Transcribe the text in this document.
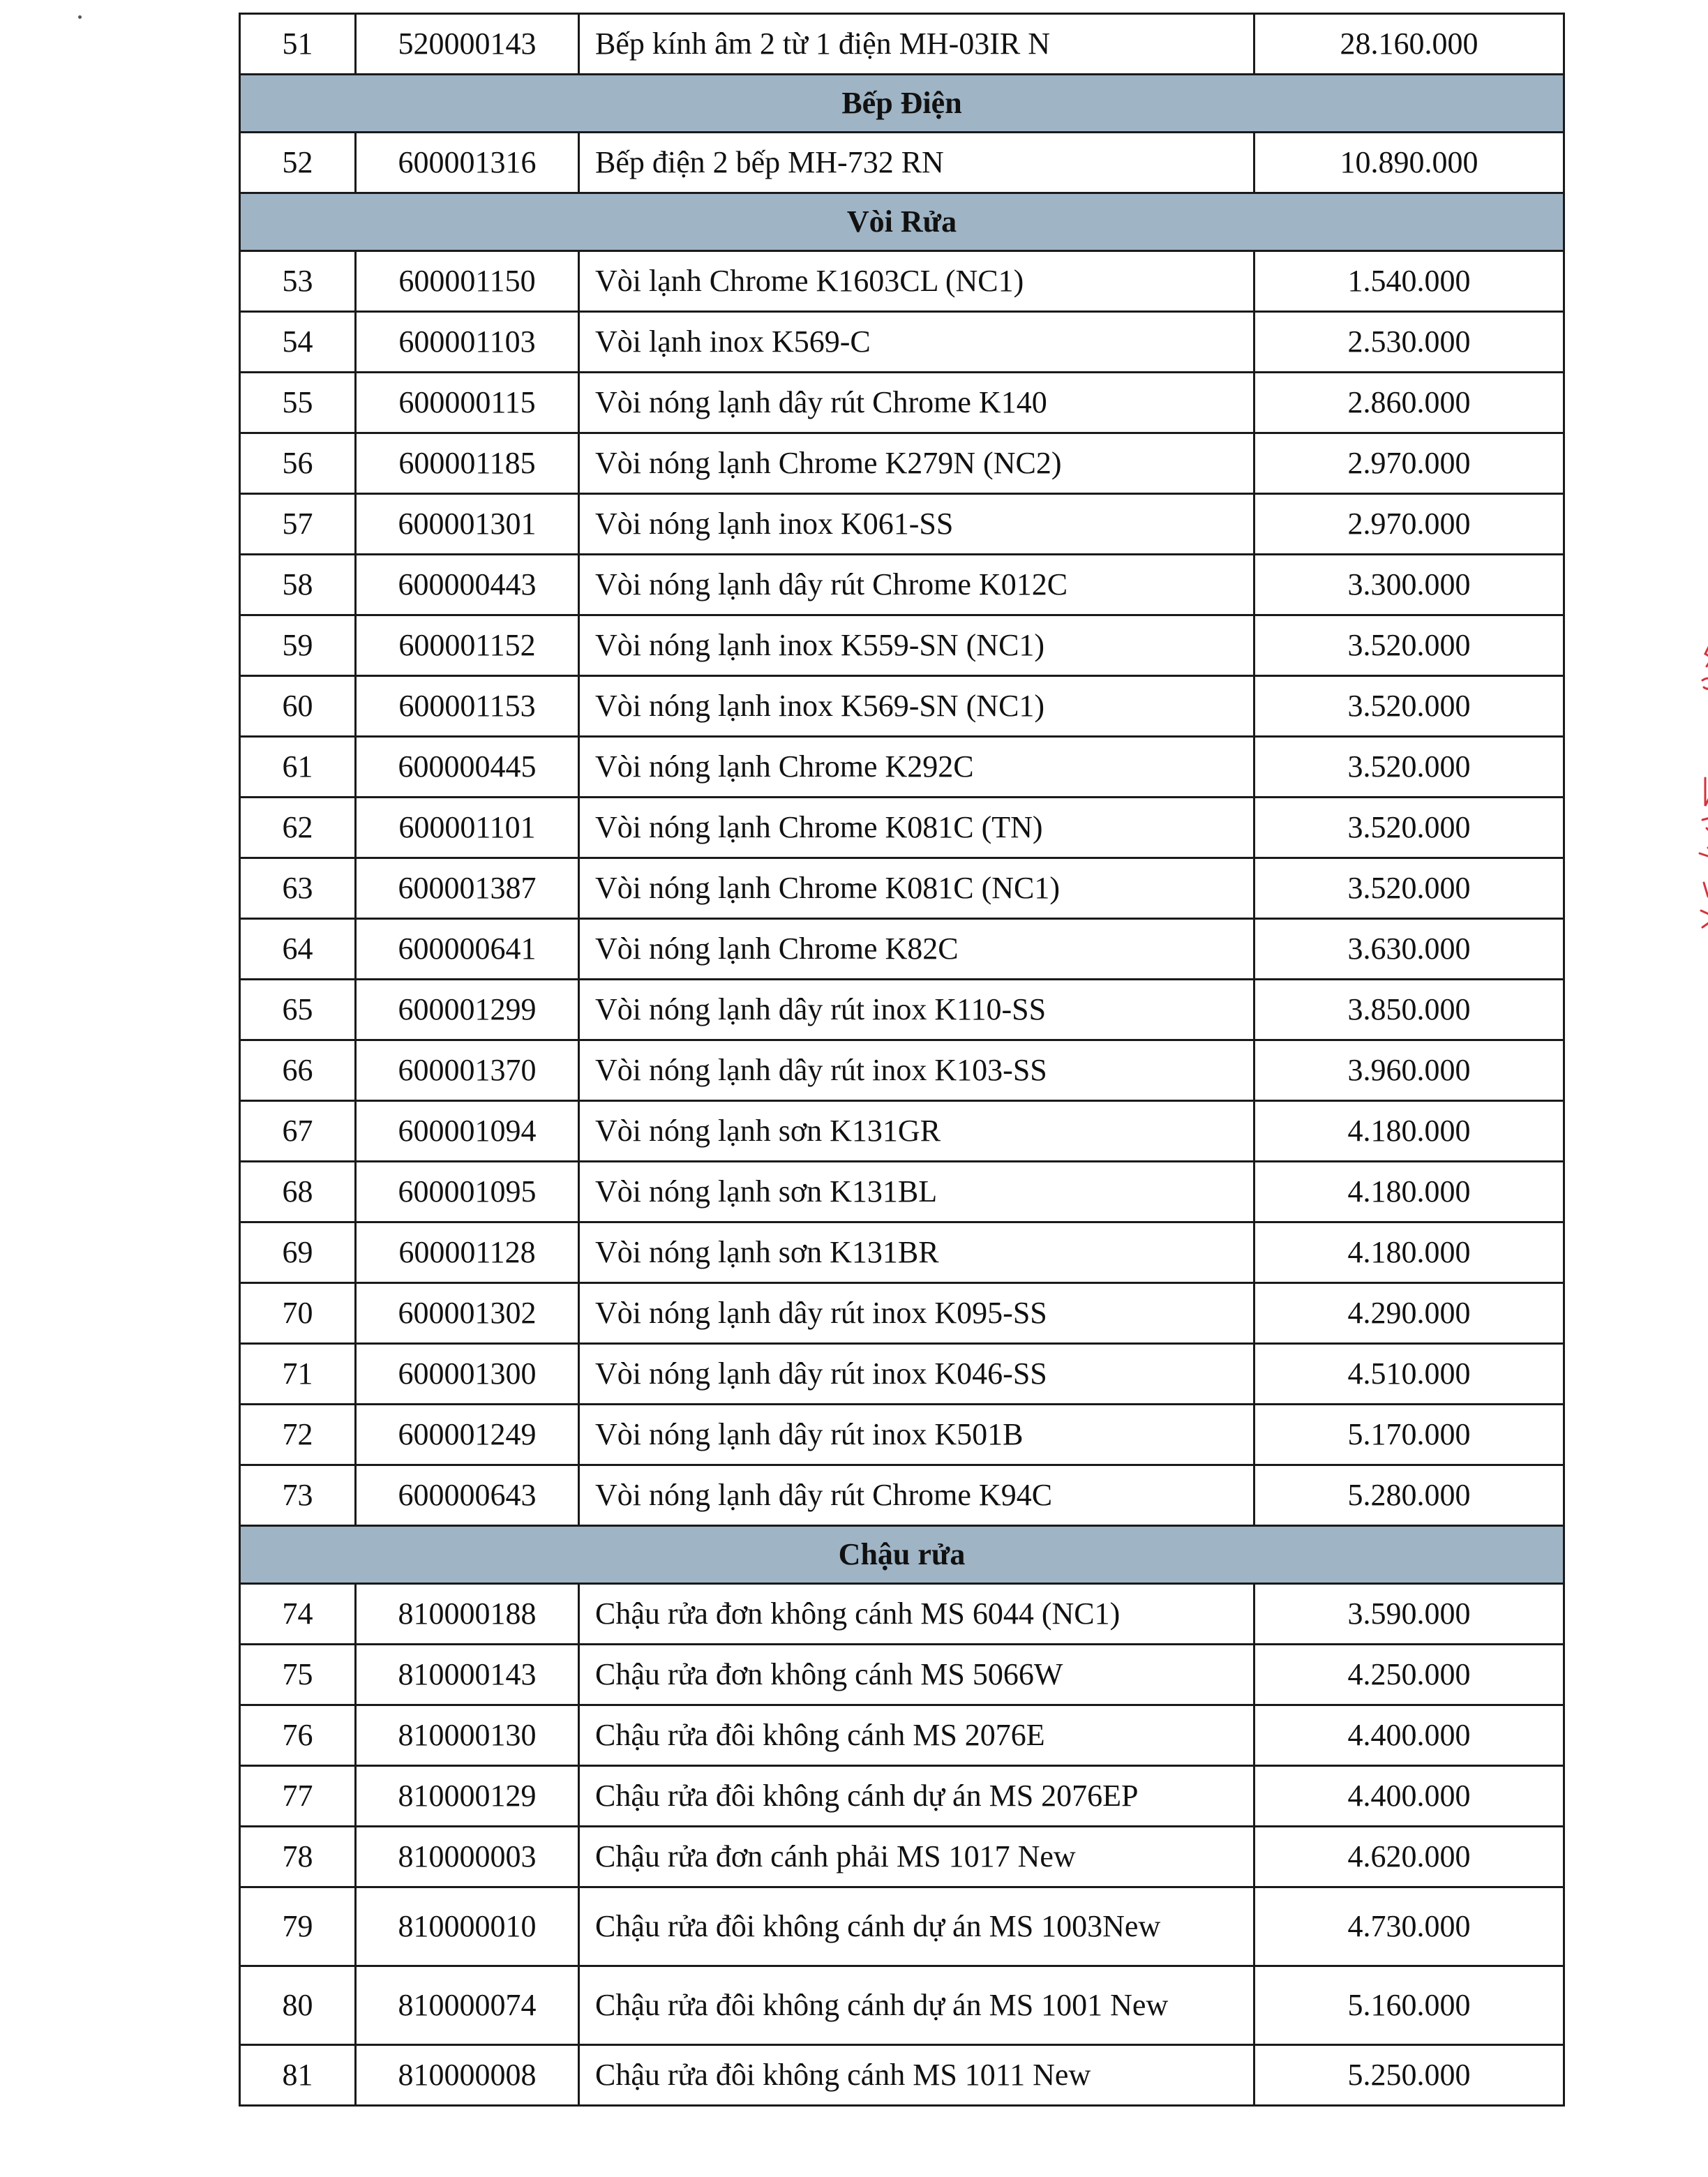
51	520000143	Bếp kính âm 2 từ 1 điện MH-03IR N	28.160.000
Bếp Điện			
52	600001316	Bếp điện 2 bếp MH-732 RN	10.890.000
Vòi Rửa			
53	600001150	Vòi lạnh Chrome K1603CL (NC1)	1.540.000
54	600001103	Vòi lạnh inox K569-C	2.530.000
55	600000115	Vòi nóng lạnh dây rút Chrome K140	2.860.000
56	600001185	Vòi nóng lạnh Chrome K279N (NC2)	2.970.000
57	600001301	Vòi nóng lạnh inox K061-SS	2.970.000
58	600000443	Vòi nóng lạnh dây rút Chrome K012C	3.300.000
59	600001152	Vòi nóng lạnh inox K559-SN (NC1)	3.520.000
60	600001153	Vòi nóng lạnh inox K569-SN (NC1)	3.520.000
61	600000445	Vòi nóng lạnh Chrome K292C	3.520.000
62	600001101	Vòi nóng lạnh Chrome K081C (TN)	3.520.000
63	600001387	Vòi nóng lạnh Chrome K081C (NC1)	3.520.000
64	600000641	Vòi nóng lạnh Chrome K82C	3.630.000
65	600001299	Vòi nóng lạnh dây rút inox K110-SS	3.850.000
66	600001370	Vòi nóng lạnh dây rút inox K103-SS	3.960.000
67	600001094	Vòi nóng lạnh sơn K131GR	4.180.000
68	600001095	Vòi nóng lạnh sơn K131BL	4.180.000
69	600001128	Vòi nóng lạnh sơn K131BR	4.180.000
70	600001302	Vòi nóng lạnh dây rút inox K095-SS	4.290.000
71	600001300	Vòi nóng lạnh dây rút inox K046-SS	4.510.000
72	600001249	Vòi nóng lạnh dây rút inox K501B	5.170.000
73	600000643	Vòi nóng lạnh dây rút Chrome K94C	5.280.000
Chậu rửa			
74	810000188	Chậu rửa đơn không cánh MS 6044 (NC1)	3.590.000
75	810000143	Chậu rửa đơn không cánh MS 5066W	4.250.000
76	810000130	Chậu rửa đôi không cánh MS 2076E	4.400.000
77	810000129	Chậu rửa đôi không cánh dự án MS 2076EP	4.400.000
78	810000003	Chậu rửa đơn cánh phải MS 1017 New	4.620.000
79	810000010	Chậu rửa đôi không cánh dự án MS 1003New	4.730.000
80	810000074	Chậu rửa đôi không cánh dự án MS 1001 New	5.160.000
81	810000008	Chậu rửa đôi không cánh MS 1011 New	5.250.000
